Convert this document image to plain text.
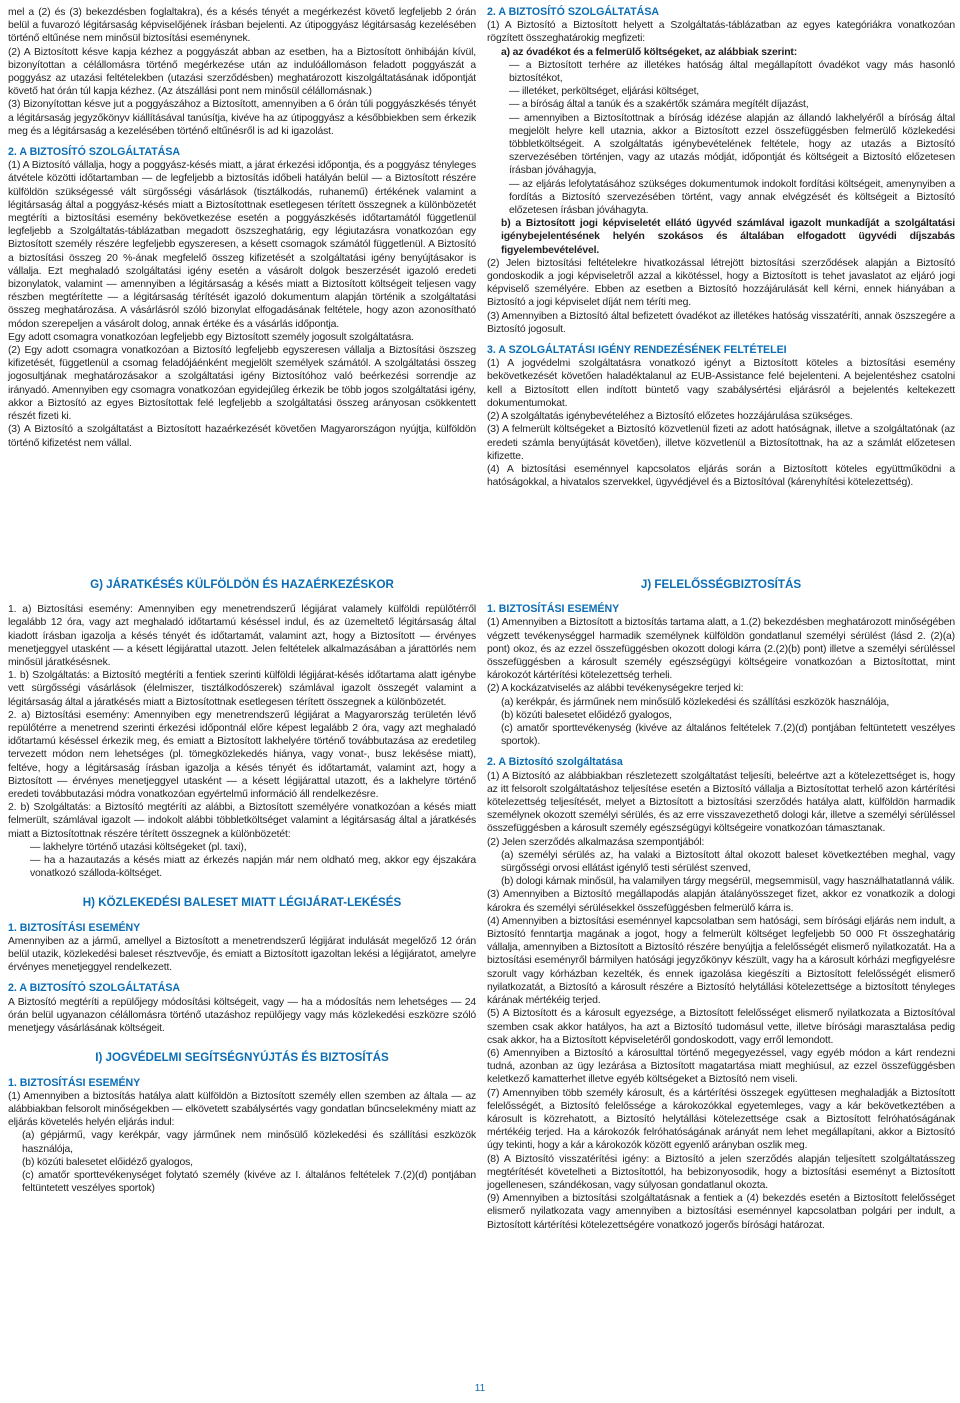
mel a (2) és (3) bekezdésben foglaltakra), és a késés tényét a megérkezést követő legfeljebb 2 órán belül a fuvarozó légitársaság képviselőjének írásban bejelenti. Az útipoggyász légitársaság kezelésében történő eltűnése nem minősül biztosítási eseménynek.

(2) A Biztosított késve kapja kézhez a poggyászát abban az esetben, ha a Biztosított önhibáján kívül, bizonyítottan a célállomásra történő megérkezése után az indulóállomáson feladott poggyászát a poggyász az utazási feltételekben (utazási szerződésben) meghatározott kiszolgáltatásának időpontját követő hat órán túl kapja kézhez. (Az átszállási pont nem minősül célállomásnak.)

(3) Bizonyítottan késve jut a poggyászához a Biztosított, amennyiben a 6 órán túli poggyászkésés tényét a légitársaság jegyzőkönyv kiállításával tanúsítja, kivéve ha az útipoggyász a későbbiekben sem érkezik meg és a légitársaság a kezelésében történő eltűnésről is ad ki igazolást.

2. A BIZTOSÍTÓ SZOLGÁLTATÁSA

(1) A Biztosító vállalja, hogy a poggyász-késés miatt, a járat érkezési időpontja, és a poggyász tényleges átvétele közötti időtartamban — de legfeljebb a biztosítás időbeli hatályán belül — a Biztosított részére külföldön szükségessé vált sürgősségi vásárlások (tisztálkodás, ruhanemű) értékének valamint a légitársaság által a poggyász-késés miatt a Biztosítottnak esetlegesen térített összegnek a különbözetét megtéríti a biztosítási esemény bekövetkezése esetén a poggyászkésés időtartamától függetlenül legfeljebb a Szolgáltatás-táblázatban megadott öszszeghatárig, egy légiutazásra vonatkozóan egy Biztosított személy részére legfeljebb egyszeresen, a késett csomagok számától függetlenül. A Biztosító a biztosítási összeg 20 %-ának megfelelő összeg kifizetését a szolgáltatási igény benyújtásakor is vállalja. Ezt meghaladó szolgáltatási igény esetén a vásárolt dolgok beszerzését igazoló eredeti bizonylatok, valamint — amennyiben a légitársaság a késés miatt a Biztosított költségeit teljesen vagy részben megtérítette — a légitársaság térítését igazoló dokumentum alapján történik a szolgáltatási összeg meghatározása. A vásárlásról szóló bizonylat elfogadásának feltétele, hogy azon azonosítható módon szerepeljen a vásárolt dolog, annak értéke és a vásárlás időpontja.

Egy adott csomagra vonatkozóan legfeljebb egy Biztosított személy jogosult szolgáltatásra.

(2) Egy adott csomagra vonatkozóan a Biztosító legfeljebb egyszeresen vállalja a Biztosítási öszszeg kifizetését, függetlenül a csomag feladójáénként megjelölt személyek számától. A szolgáltatási összeg jogosultjának meghatározásakor a szolgáltatási igény Biztosítóhoz való beérkezési sorrendje az irányadó. Amennyiben egy csomagra vonatkozóan egyidejűleg érkezik be több jogos szolgáltatási igény, akkor a Biztosító az egyes Biztosítottak felé legfeljebb a szolgáltatási összeg arányosan csökkentett részét fizeti ki.

(3) A Biztosító a szolgáltatást a Biztosított hazaérkezését követően Magyarországon nyújtja, külföldön történő kifizetést nem vállal.

2. A BIZTOSÍTÓ SZOLGÁLTATÁSA

(1) A Biztosító a Biztosított helyett a Szolgáltatás-táblázatban az egyes kategóriákra vonatkozóan rögzített összeghatárokig megfizeti:

a) az óvadékot és a felmerülő költségeket, az alábbiak szerint:

— a Biztosított terhére az illetékes hatóság által megállapított óvadékot vagy más hasonló biztosítékot,

— illetéket, perköltséget, eljárási költséget,

— a bíróság által a tanúk és a szakértők számára megítélt díjazást,

— amennyiben a Biztosítottnak a bíróság idézése alapján az állandó lakhelyéről a bíróság által megjelölt helyre kell utaznia, akkor a Biztosított ezzel összefüggésben felmerülő közlekedési többletköltségeit. A szolgáltatás igénybevételének feltétele, hogy az utazás a Biztosító szervezésében történjen, vagy az utazás módját, időpontját és költségeit a Biztosító előzetesen írásban jóváhagyja,

— az eljárás lefolytatásához szükséges dokumentumok indokolt fordítási költségeit, amenynyiben a fordítás a Biztosító szervezésében történt, vagy annak elvégzését és költségeit a Biztosító előzetesen írásban jóváhagyta.

b) a Biztosított jogi képviseletét ellátó ügyvéd számlával igazolt munkadíját a szolgáltatási igénybejelentésének helyén szokásos és általában elfogadott ügyvédi díjszabás figyelembevételével.

(2) Jelen biztosítási feltételekre hivatkozással létrejött biztosítási szerződések alapján a Biztosító gondoskodik a jogi képviseletről azzal a kikötéssel, hogy a Biztosított is tehet javaslatot az eljáró jogi képviselő személyére. Ebben az esetben a Biztosító hozzájárulását kell kérni, ennek hiányában a Biztosító a jogi képviselet díját nem téríti meg.

(3) Amennyiben a Biztosító által befizetett óvadékot az illetékes hatóság visszatéríti, annak öszszegére a Biztosító jogosult.

3. A SZOLGÁLTATÁSI IGÉNY RENDEZÉSÉNEK FELTÉTELEI

(1) A jogvédelmi szolgáltatásra vonatkozó igényt a Biztosított köteles a biztosítási esemény bekövetkezését követően haladéktalanul az EUB-Assistance felé bejelenteni. A bejelentéshez csatolni kell a Biztosított ellen indított büntető vagy szabálysértési eljárásról a bejelentés keltekezett dokumentumokat.

(2) A szolgáltatás igénybevételéhez a Biztosító előzetes hozzájárulása szükséges.

(3) A felmerült költségeket a Biztosító közvetlenül fizeti az adott hatóságnak, illetve a szolgáltatónak (az eredeti számla benyújtását követően), illetve közvetlenül a Biztosítottnak, ha az a számlát előzetesen kifizette.

(4) A biztosítási eseménnyel kapcsolatos eljárás során a Biztosított köteles együttműködni a hatóságokkal, a hivatalos szervekkel, ügyvédjével és a Biztosítóval (kárenyhítési kötelezettség).

G) JÁRATKÉSÉS KÜLFÖLDÖN ÉS HAZAÉRKEZÉSKOR

1. a) Biztosítási esemény: Amennyiben egy menetrendszerű légijárat valamely külföldi repülőtérről legalább 12 óra, vagy azt meghaladó időtartamú késéssel indul, és az üzemeltető légitársaság által kiadott írásban igazolja a késés tényét és időtartamát, valamint azt, hogy a Biztosított — érvényes menetjeggyel utasként — a késett légijárattal utazott. Jelen feltételek alkalmazásában a járattörlés nem minősül járatkésésnek.

1. b) Szolgáltatás: a Biztosító megtéríti a fentiek szerinti külföldi légijárat-késés időtartama alatt igénybe vett sürgősségi vásárlások (élelmiszer, tisztálkodószerek) számlával igazolt összegét valamint a légitársaság által a járatkésés miatt a Biztosítottnak esetlegesen térített összegnek a különbözetét.

2. a) Biztosítási esemény: Amennyiben egy menetrendszerű légijárat a Magyarország területén lévő repülőtérre a menetrend szerinti érkezési időpontnál előre képest legalább 2 óra, vagy azt meghaladó időtartamú késéssel érkezik meg, és emiatt a Biztosított lakhelyére történő továbbutazása az eredetileg tervezett módon nem lehetséges (pl. tömegközlekedés hiánya, vagy vonat-, busz lekésése miatt), feltéve, hogy a légitársaság írásban igazolja a késés tényét és időtartamát, valamint azt, hogy a Biztosított — érvényes menetjeggyel utasként — a késett légijárattal utazott, és a lakhelyre történő eredeti továbbutazási módra vonatkozóan egyértelmű információ áll rendelkezésre.

2. b) Szolgáltatás: a Biztosító megtéríti az alábbi, a Biztosított személyére vonatkozóan a késés miatt felmerült, számlával igazolt — indokolt alábbi többletköltséget valamint a légitársaság által a járatkésés miatt a Biztosítottnak részére térített összegnek a különbözetét:

— lakhelyre történő utazási költségeket (pl. taxi),

— ha a hazautazás a késés miatt az érkezés napján már nem oldható meg, akkor egy éjszakára vonatkozó szálloda-költséget.

H) KÖZLEKEDÉSI BALESET MIATT LÉGIJÁRAT-LEKÉSÉS
1. BIZTOSÍTÁSI ESEMÉNY

Amennyiben az a jármű, amellyel a Biztosított a menetrendszerű légijárat indulását megelőző 12 órán belül utazik, közlekedési baleset résztvevője, és emiatt a Biztosított igazoltan lekési a légijáratot, amelyre érvényes menetjeggyel rendelkezett.

2. A BIZTOSÍTÓ SZOLGÁLTATÁSA

A Biztosító megtéríti a repülőjegy módosítási költségeit, vagy — ha a módosítás nem lehetséges — 24 órán belül ugyanazon célállomásra történő utazáshoz repülőjegy vagy más közlekedési eszközre szóló menetjegy vásárlásának költségeit.

I) JOGVÉDELMI SEGÍTSÉGNYÚJTÁS ÉS BIZTOSÍTÁS
1. BIZTOSÍTÁSI ESEMÉNY

(1) Amennyiben a biztosítás hatálya alatt külföldön a Biztosított személy ellen szemben az általa — az alábbiakban felsorolt minőségekben — elkövetett szabálysértés vagy gondatlan bűncselekmény miatt az eljárás követelés helyén eljárás indul:

(a) gépjármű, vagy kerékpár, vagy járműnek nem minősülő közlekedési és szállítási eszközök használója,

(b) közúti balesetet előidéző gyalogos,

(c) amatőr sporttevékenységet folytató személy (kivéve az I. általános feltételek 7.(2)(d) pontjában feltüntetett veszélyes sportok)

J) FELELŐSSÉGBIZTOSÍTÁS
1. BIZTOSÍTÁSI ESEMÉNY

(1) Amennyiben a Biztosított a biztosítás tartama alatt, a 1.(2) bekezdésben meghatározott minőségében végzett tevékenységgel harmadik személynek külföldön gondatlanul személyi sérülést (lásd 2. (2)(a) pont) okoz, és az ezzel összefüggésben okozott dologi kárra (2.(2)(b) pont) illetve a személyi sérüléssel összefüggésben a károsult személy egészségügyi költségeire vonatkozóan a Biztosítottat, mint károkozót kártérítési kötelezettség terheli.

(2) A kockázatviselés az alábbi tevékenységekre terjed ki:

(a) kerékpár, és járműnek nem minősülő közlekedési és szállítási eszközök használója,

(b) közúti balesetet előidéző gyalogos,

(c) amatőr sporttevékenység (kivéve az általános feltételek 7.(2)(d) pontjában feltüntetett veszélyes sportok).

2. A Biztosító szolgáltatása

(1) A Biztosító az alábbiakban részletezett szolgáltatást teljesíti, beleértve azt a kötelezettséget is, hogy az itt felsorolt szolgáltatáshoz teljesítése esetén a Biztosító vállalja a Biztosítottat terhelő azon kártérítési kötelezettség teljesítését, melyet a Biztosított a biztosítási szerződés hatálya alatt, külföldön harmadik személynek okozott személyi sérülés, és az erre visszavezethető dologi kár, illetve a személyi sérüléssel összefüggésben a károsult személy egészségügyi költségeire vonatkozóan támasztanak.

(2) Jelen szerződés alkalmazása szempontjából:

(a) személyi sérülés az, ha valaki a Biztosított által okozott baleset következtében meghal, vagy sürgősségi orvosi ellátást igénylő testi sérülést szenved,

(b) dologi kárnak minősül, ha valamilyen tárgy megsérül, megsemmisül, vagy használhatatlanná válik.

(3) Amennyiben a Biztosító megállapodás alapján átalányösszeget fizet, akkor ez vonatkozik a dologi károkra és személyi sérülésekkel összefüggésben felmerülő kárra is.

(4) Amennyiben a biztosítási eseménnyel kapcsolatban sem hatósági, sem bírósági eljárás nem indult, a Biztosító fenntartja magának a jogot, hogy a felmerült költséget legfeljebb 50 000 Ft összeghatárig vállalja, amennyiben a Biztosított a Biztosító részére benyújtja a felelősségét elismerő nyilatkozatát. Ha a biztosítási eseményről bármilyen hatósági jegyzőkönyv készült, vagy ha a károsult kórházi megfigyelésre szorult vagy kórházban kezelték, és ennek igazolása kiegészíti a Biztosított felelősségét elismerő nyilatkozatát, a Biztosító a károsult részére a Biztosító helytállási kötelezettsége a biztosított tényleges kárának mértékéig terjed.

(5) A Biztosított és a károsult egyezsége, a Biztosított felelősséget elismerő nyilatkozata a Biztosítóval szemben csak akkor hatályos, ha azt a Biztosító tudomásul vette, illetve bírósági marasztalása pedig csak akkor, ha a Biztosított képviseletéről gondoskodott, vagy erről lemondott.

(6) Amennyiben a Biztosító a károsulttal történő megegyezéssel, vagy egyéb módon a kárt rendezni tudná, azonban az ügy lezárása a Biztosított magatartása miatt meghiúsul, az ezzel összefüggésben keletkező kamatterhet illetve egyéb költségeket a Biztosító nem viseli.

(7) Amennyiben több személy károsult, és a kártérítési összegek együttesen meghaladják a Biztosított felelősségét, a Biztosító felelőssége a károkozókkal egyetemleges, vagy a kár bekövetkeztében a károsult is közrehatott, a Biztosító helytállási kötelezettsége csak a Biztosított felróhatóságának mértékéig terjed. Ha a károkozók felróhatóságának arányát nem lehet megállapítani, akkor a Biztosító úgy tekinti, hogy a kár a károkozók között egyenlő arányban oszlik meg.

(8) A Biztosító visszatérítési igény: a Biztosító a jelen szerződés alapján teljesített szolgáltatásszeg megtérítését követelheti a Biztosítottól, ha bebizonyosodik, hogy a biztosítási eseményt a Biztosított jogellenesen, szándékosan, vagy súlyosan gondatlanul okozta.

(9) Amennyiben a biztosítási szolgáltatásnak a fentiek a (4) bekezdés esetén a Biztosított felelősséget elismerő nyilatkozata vagy amennyiben a biztosítási eseménnyel kapcsolatban polgári per indult, a Biztosított kártérítési kötelezettségére vonatkozó jogerős bírósági határozat.

11
